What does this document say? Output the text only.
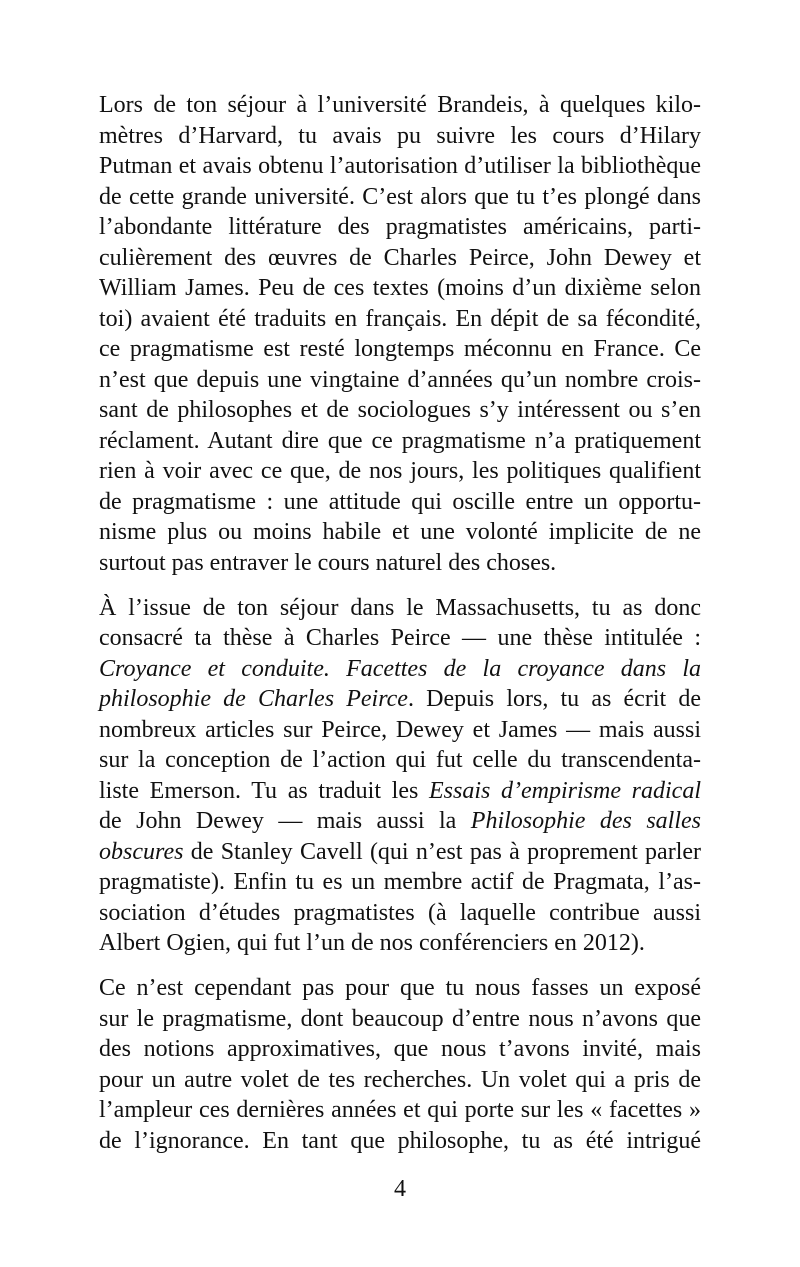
Lors de ton séjour à l’université Brandeis, à quelques kilo-
mètres d’Harvard, tu avais pu suivre les cours d’Hilary
Putman et avais obtenu l’autorisation d’utiliser la bibliothèque
de cette grande université. C’est alors que tu t’es plongé dans
l’abondante littérature des pragmatistes américains, parti-
culièrement des œuvres de Charles Peirce, John Dewey et
William James. Peu de ces textes (moins d’un dixième selon
toi) avaient été traduits en français. En dépit de sa fécondité,
ce pragmatisme est resté longtemps méconnu en France. Ce
n’est que depuis une vingtaine d’années qu’un nombre crois-
sant de philosophes et de sociologues s’y intéressent ou s’en
réclament. Autant dire que ce pragmatisme n’a pratiquement
rien à voir avec ce que, de nos jours, les politiques qualifient
de pragmatisme : une attitude qui oscille entre un opportu-
nisme plus ou moins habile et une volonté implicite de ne
surtout pas entraver le cours naturel des choses.
À l’issue de ton séjour dans le Massachusetts, tu as donc
consacré ta thèse à Charles Peirce — une thèse intitulée :
Croyance et conduite. Facettes de la croyance dans la
philosophie de Charles Peirce. Depuis lors, tu as écrit de
nombreux articles sur Peirce, Dewey et James — mais aussi
sur la conception de l’action qui fut celle du transcendenta-
liste Emerson. Tu as traduit les Essais d’empirisme radical
de John Dewey — mais aussi la Philosophie des salles
obscures de Stanley Cavell (qui n’est pas à proprement parler
pragmatiste). Enfin tu es un membre actif de Pragmata, l’as-
sociation d’études pragmatistes (à laquelle contribue aussi
Albert Ogien, qui fut l’un de nos conférenciers en 2012).
Ce n’est cependant pas pour que tu nous fasses un exposé
sur le pragmatisme, dont beaucoup d’entre nous n’avons que
des notions approximatives, que nous t’avons invité, mais
pour un autre volet de tes recherches. Un volet qui a pris de
l’ampleur ces dernières années et qui porte sur les « facettes »
de l’ignorance. En tant que philosophe, tu as été intrigué
4
